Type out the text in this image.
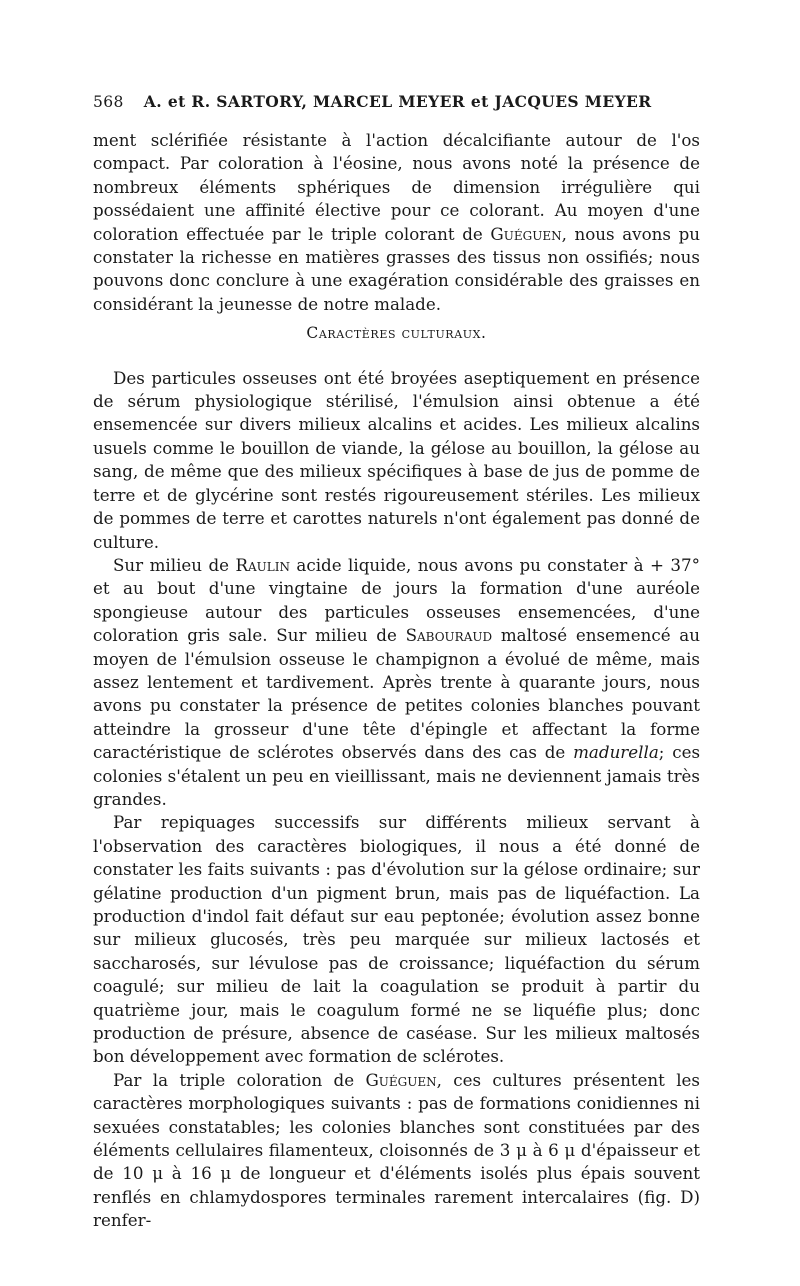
568 A. et R. SARTORY, MARCEL MEYER et JACQUES MEYER

ment sclérifiée résistante à l'action décalcifiante autour de l'os compact. Par coloration à l'éosine, nous avons noté la présence de nombreux éléments sphériques de dimension irrégulière qui possédaient une affinité élective pour ce colorant. Au moyen d'une coloration effectuée par le triple colorant de Guéguen, nous avons pu constater la richesse en matières grasses des tissus non ossifiés; nous pouvons donc conclure à une exagération considérable des graisses en considérant la jeunesse de notre malade.

Caractères culturaux.

Des particules osseuses ont été broyées aseptiquement en présence de sérum physiologique stérilisé, l'émulsion ainsi obtenue a été ensemencée sur divers milieux alcalins et acides. Les milieux alcalins usuels comme le bouillon de viande, la gélose au bouillon, la gélose au sang, de même que des milieux spécifiques à base de jus de pomme de terre et de glycérine sont restés rigoureusement stériles. Les milieux de pommes de terre et carottes naturels n'ont également pas donné de culture.

Sur milieu de Raulin acide liquide, nous avons pu constater à + 37° et au bout d'une vingtaine de jours la formation d'une auréole spongieuse autour des particules osseuses ensemencées, d'une coloration gris sale. Sur milieu de Sabouraud maltosé ensemencé au moyen de l'émulsion osseuse le champignon a évolué de même, mais assez lentement et tardivement. Après trente à quarante jours, nous avons pu constater la présence de petites colonies blanches pouvant atteindre la grosseur d'une tête d'épingle et affectant la forme caractéristique de sclérotes observés dans des cas de madurella; ces colonies s'étalent un peu en vieillissant, mais ne deviennent jamais très grandes.

Par repiquages successifs sur différents milieux servant à l'observation des caractères biologiques, il nous a été donné de constater les faits suivants : pas d'évolution sur la gélose ordinaire; sur gélatine production d'un pigment brun, mais pas de liquéfaction. La production d'indol fait défaut sur eau peptonée; évolution assez bonne sur milieux glucosés, très peu marquée sur milieux lactosés et saccharosés, sur lévulose pas de croissance; liquéfaction du sérum coagulé; sur milieu de lait la coagulation se produit à partir du quatrième jour, mais le coagulum formé ne se liquéfie plus; donc production de présure, absence de caséase. Sur les milieux maltosés bon développement avec formation de sclérotes.

Par la triple coloration de Guéguen, ces cultures présentent les caractères morphologiques suivants : pas de formations conidiennes ni sexuées constatables; les colonies blanches sont constituées par des éléments cellulaires filamenteux, cloisonnés de 3 μ à 6 μ d'épaisseur et de 10 μ à 16 μ de longueur et d'éléments isolés plus épais souvent renflés en chlamydospores terminales rarement intercalaires (fig. D) renfer-
